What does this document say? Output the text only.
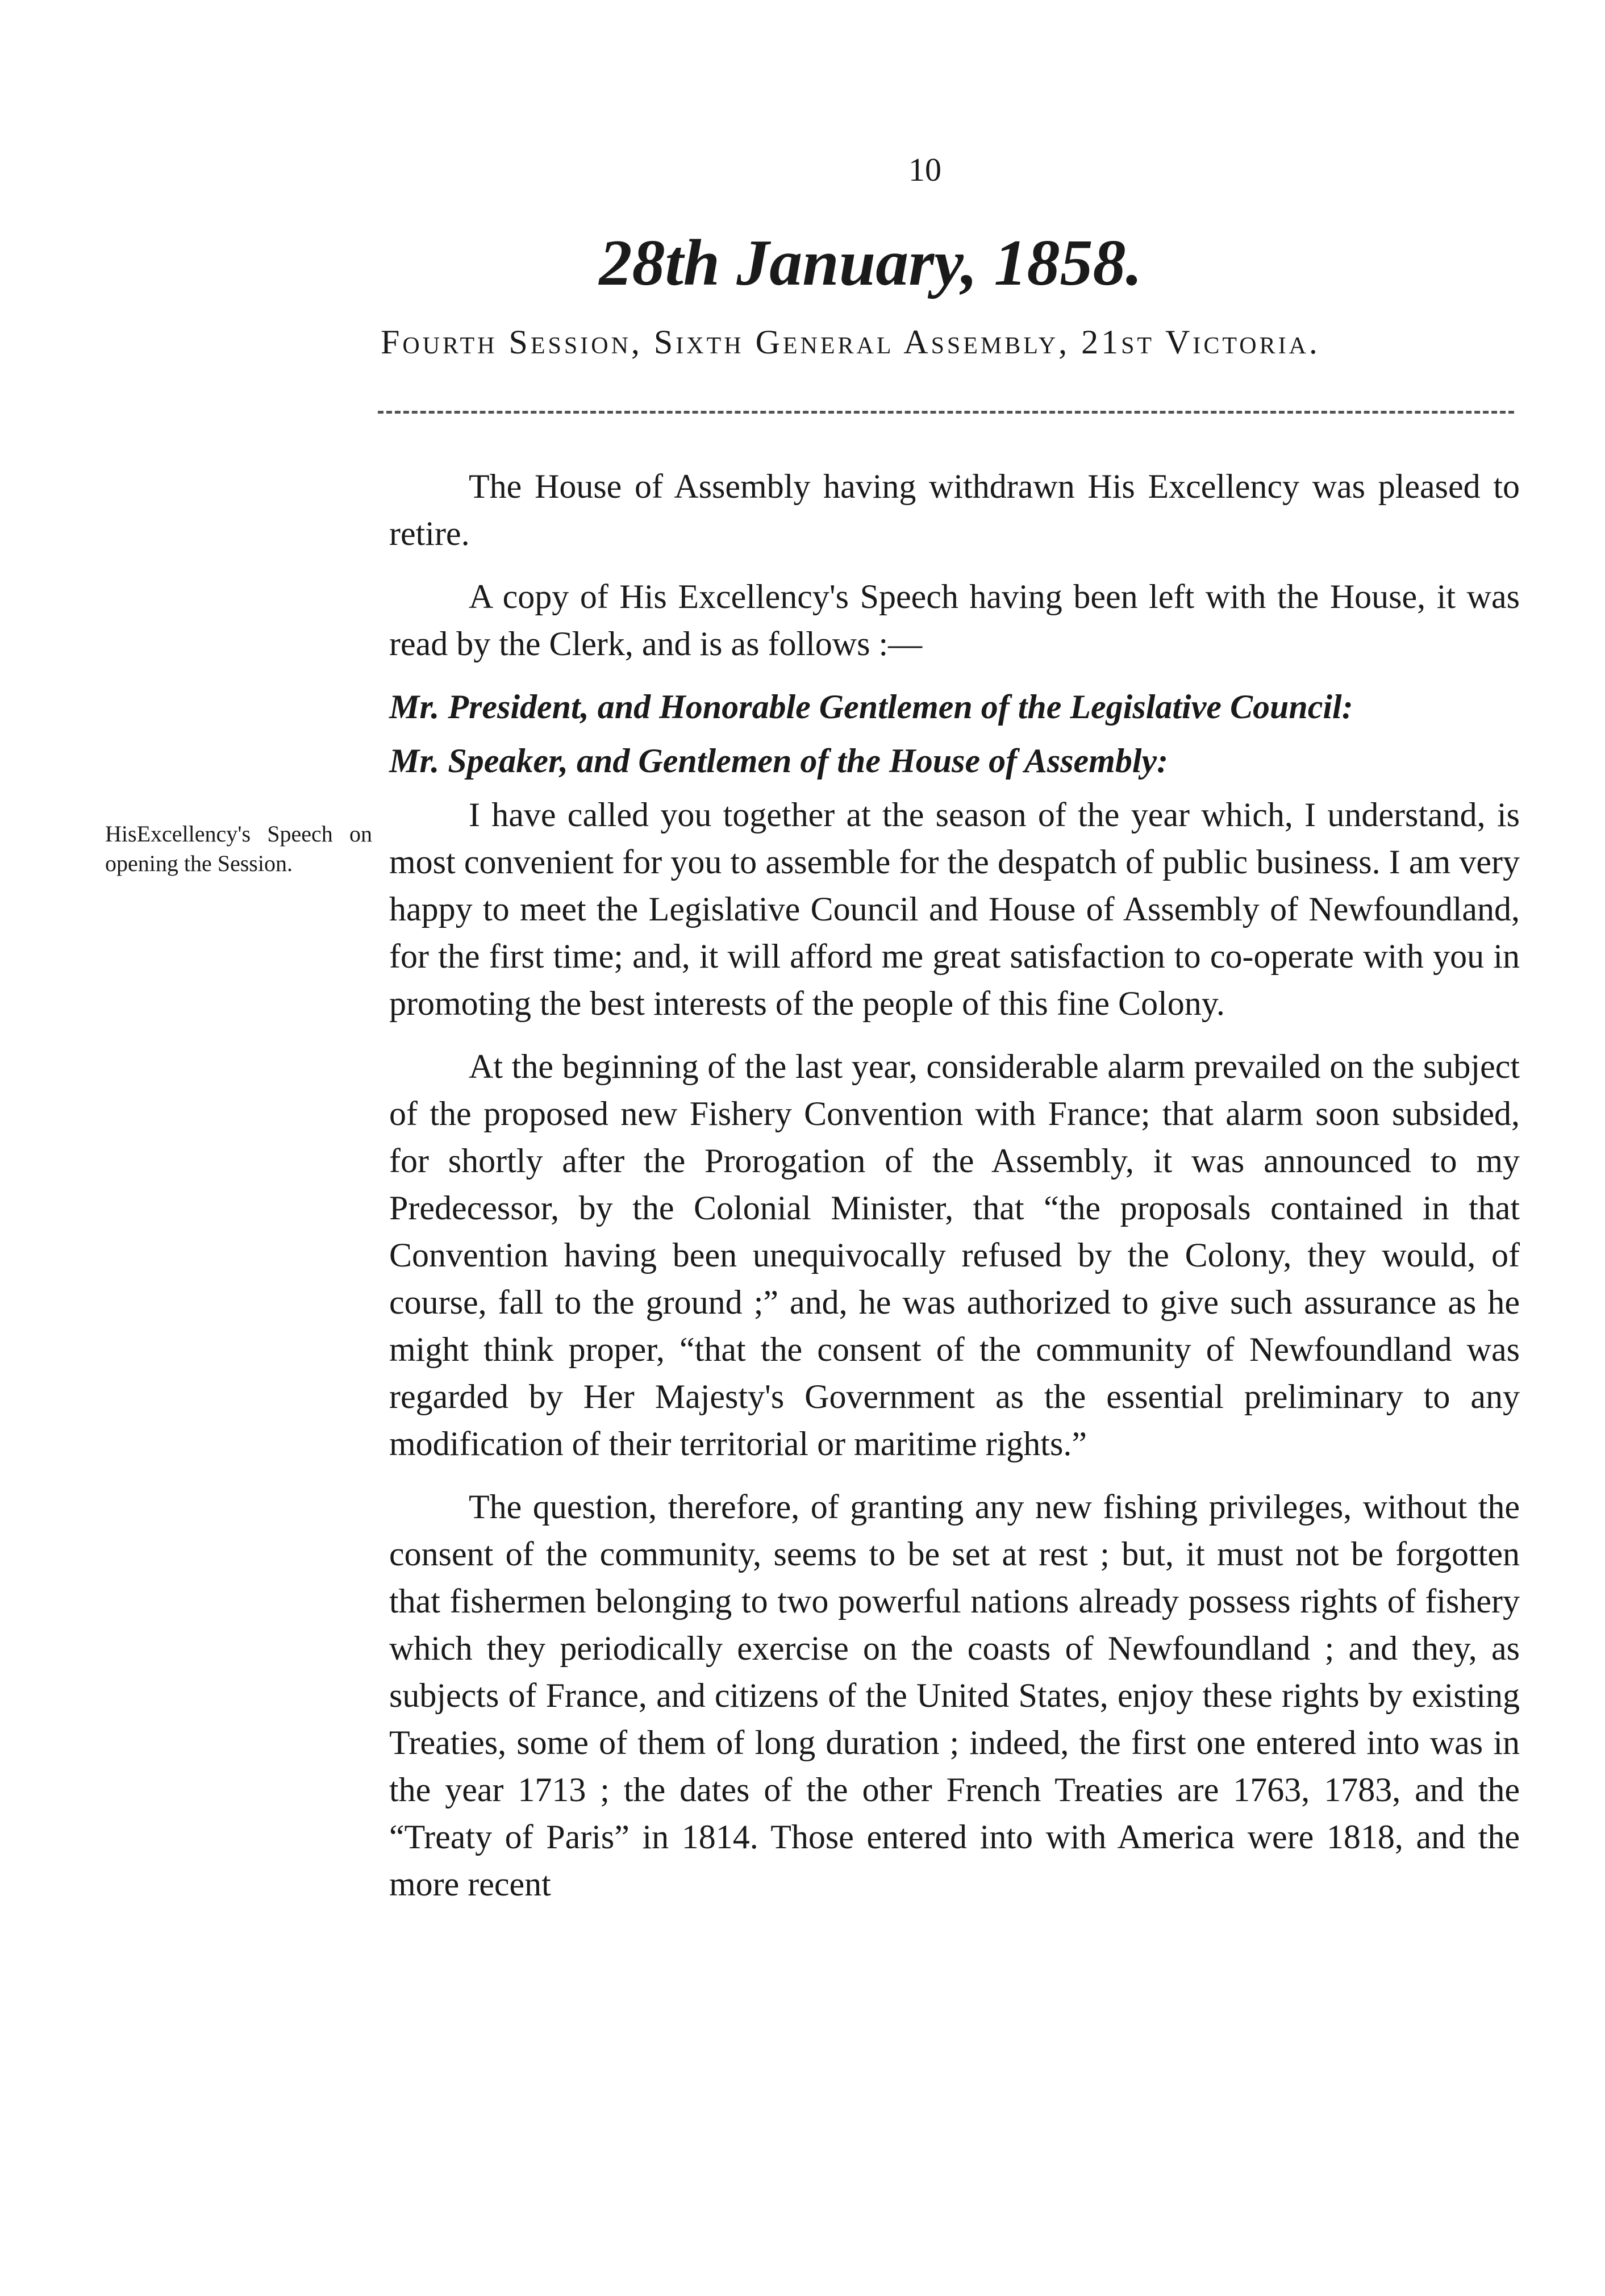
10
28th January, 1858.
Fourth Session, Sixth General Assembly, 21st Victoria.
HisExcellency's Speech on opening the Session.

The House of Assembly having withdrawn His Excellency was pleased to retire.

A copy of His Excellency's Speech having been left with the House, it was read by the Clerk, and is as follows :—

Mr. President, and Honorable Gentlemen of the Legislative Council:

Mr. Speaker, and Gentlemen of the House of Assembly:

I have called you together at the season of the year which, I understand, is most convenient for you to assemble for the despatch of public business. I am very happy to meet the Legislative Council and House of Assembly of Newfoundland, for the first time; and, it will afford me great satisfaction to co-operate with you in promoting the best interests of the people of this fine Colony.

At the beginning of the last year, considerable alarm prevailed on the subject of the proposed new Fishery Convention with France; that alarm soon subsided, for shortly after the Prorogation of the Assembly, it was announced to my Predecessor, by the Colonial Minister, that “the proposals contained in that Convention having been unequivocally refused by the Colony, they would, of course, fall to the ground ;” and, he was authorized to give such assurance as he might think proper, “that the consent of the community of Newfoundland was regarded by Her Majesty's Government as the essential preliminary to any modification of their territorial or maritime rights.”

The question, therefore, of granting any new fishing privileges, without the consent of the community, seems to be set at rest ; but, it must not be forgotten that fishermen belonging to two powerful nations already possess rights of fishery which they periodically exercise on the coasts of Newfoundland ; and they, as subjects of France, and citizens of the United States, enjoy these rights by existing Treaties, some of them of long duration ; indeed, the first one entered into was in the year 1713 ; the dates of the other French Treaties are 1763, 1783, and the “Treaty of Paris” in 1814. Those entered into with America were 1818, and the more recent
